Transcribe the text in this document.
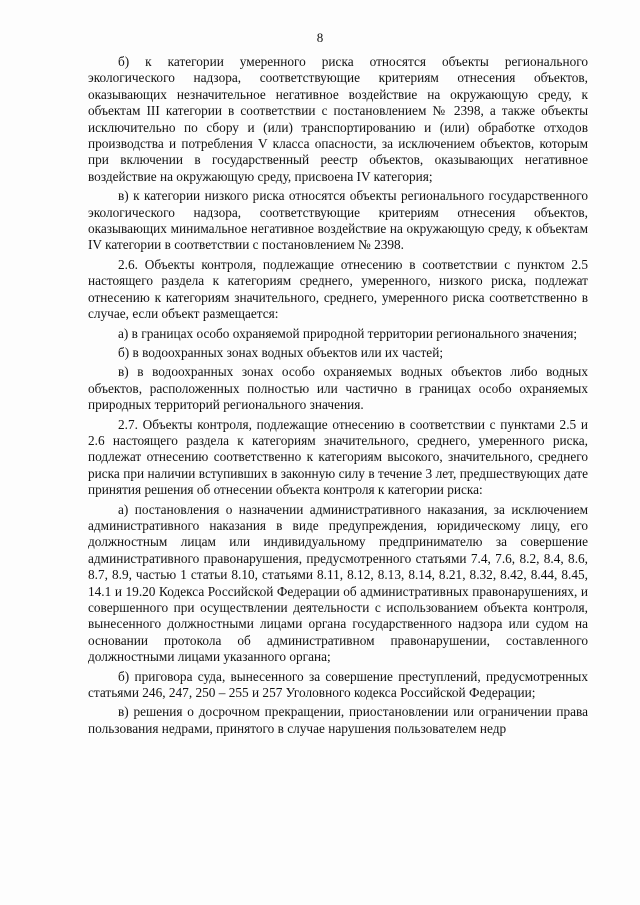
8

б) к категории умеренного риска относятся объекты регионального экологического надзора, соответствующие критериям отнесения объектов, оказывающих незначительное негативное воздействие на окружающую среду, к объектам III категории в соответствии с постановлением № 2398, а также объекты исключительно по сбору и (или) транспортированию и (или) обработке отходов производства и потребления V класса опасности, за исключением объектов, которым при включении в государственный реестр объектов, оказывающих негативное воздействие на окружающую среду, присвоена IV категория;

в) к категории низкого риска относятся объекты регионального государственного экологического надзора, соответствующие критериям отнесения объектов, оказывающих минимальное негативное воздействие на окружающую среду, к объектам IV категории в соответствии с постановлением № 2398.

2.6. Объекты контроля, подлежащие отнесению в соответствии с пунктом 2.5 настоящего раздела к категориям среднего, умеренного, низкого риска, подлежат отнесению к категориям значительного, среднего, умеренного риска соответственно в случае, если объект размещается:

а) в границах особо охраняемой природной территории регионального значения;

б) в водоохранных зонах водных объектов или их частей;

в) в водоохранных зонах особо охраняемых водных объектов либо водных объектов, расположенных полностью или частично в границах особо охраняемых природных территорий регионального значения.

2.7. Объекты контроля, подлежащие отнесению в соответствии с пунктами 2.5 и 2.6 настоящего раздела к категориям значительного, среднего, умеренного риска, подлежат отнесению соответственно к категориям высокого, значительного, среднего риска при наличии вступивших в законную силу в течение 3 лет, предшествующих дате принятия решения об отнесении объекта контроля к категории риска:

а) постановления о назначении административного наказания, за исключением административного наказания в виде предупреждения, юридическому лицу, его должностным лицам или индивидуальному предпринимателю за совершение административного правонарушения, предусмотренного статьями 7.4, 7.6, 8.2, 8.4, 8.6, 8.7, 8.9, частью 1 статьи 8.10, статьями 8.11, 8.12, 8.13, 8.14, 8.21, 8.32, 8.42, 8.44, 8.45, 14.1 и 19.20 Кодекса Российской Федерации об административных правонарушениях, и совершенного при осуществлении деятельности с использованием объекта контроля, вынесенного должностными лицами органа государственного надзора или судом на основании протокола об административном правонарушении, составленного должностными лицами указанного органа;

б) приговора суда, вынесенного за совершение преступлений, предусмотренных статьями 246, 247, 250 – 255 и 257 Уголовного кодекса Российской Федерации;

в) решения о досрочном прекращении, приостановлении или ограничении права пользования недрами, принятого в случае нарушения пользователем недр
